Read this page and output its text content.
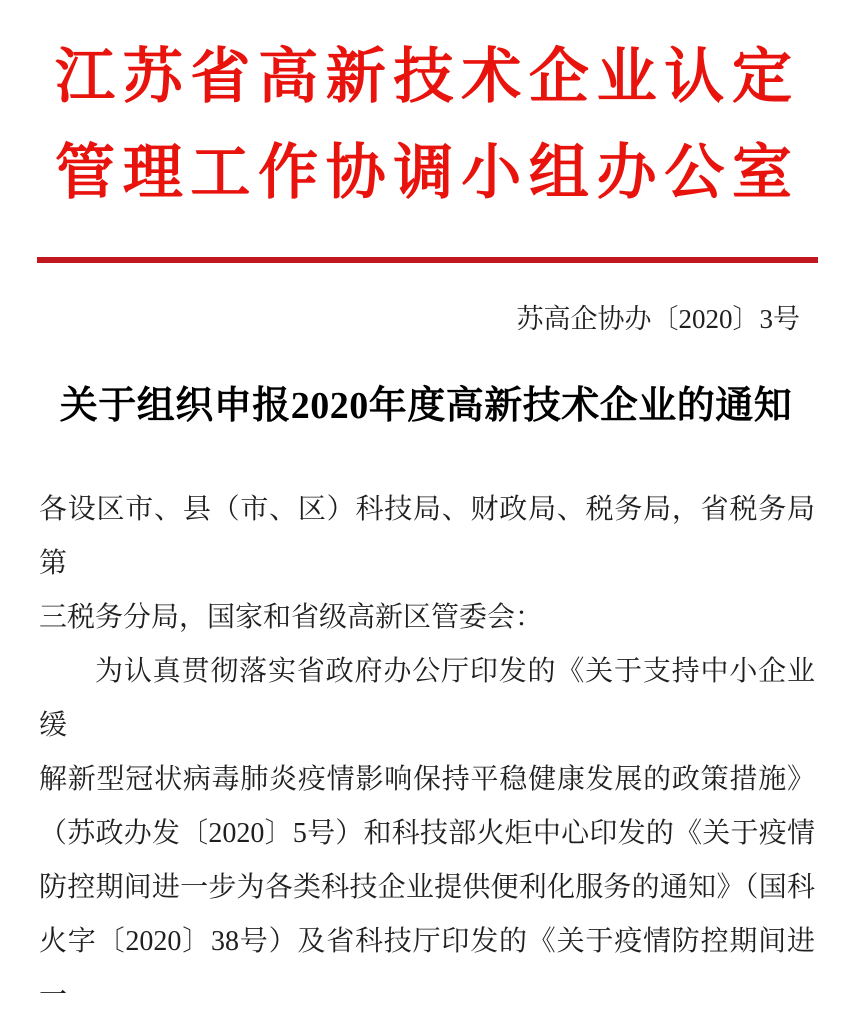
江苏省高新技术企业认定
管理工作协调小组办公室
苏高企协办〔2020〕3号
关于组织申报2020年度高新技术企业的通知

各设区市、县（市、区）科技局、财政局、税务局，省税务局第

三税务分局，国家和省级高新区管委会：

为认真贯彻落实省政府办公厅印发的《关于支持中小企业缓

解新型冠状病毒肺炎疫情影响保持平稳健康发展的政策措施》

（苏政办发〔2020〕5号）和科技部火炬中心印发的《关于疫情

防控期间进一步为各类科技企业提供便利化服务的通知》（国科

火字〔2020〕38号）及省科技厅印发的《关于疫情防控期间进一
